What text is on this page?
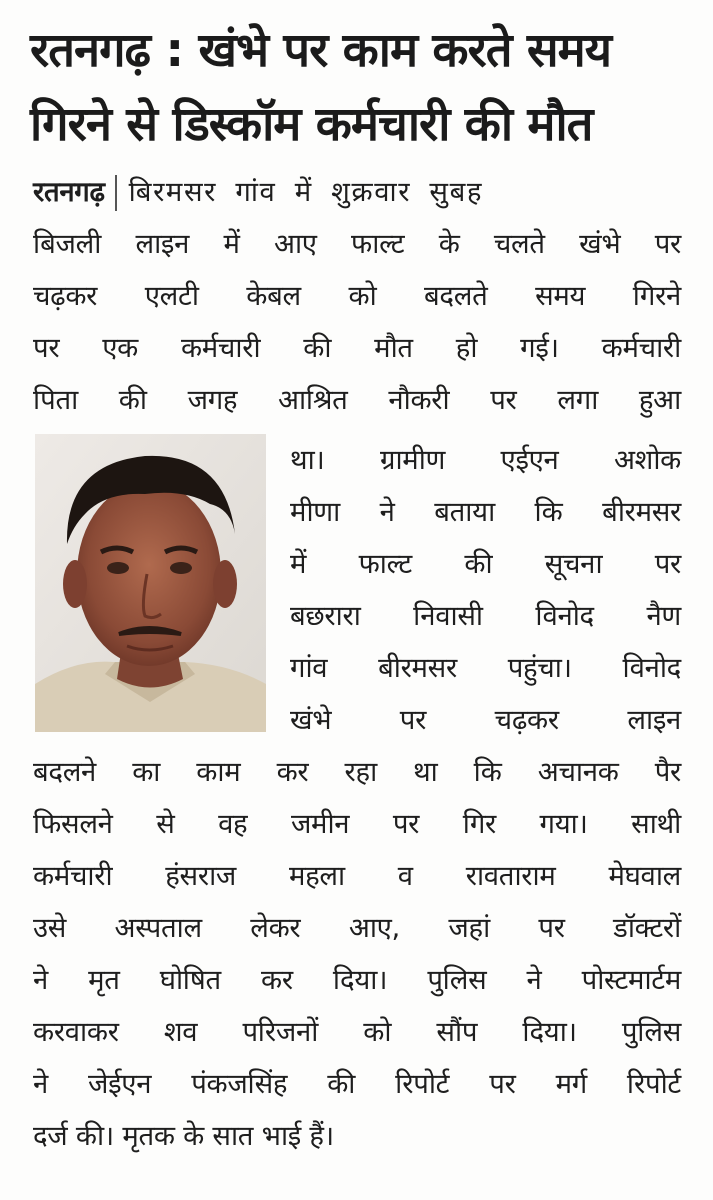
रतनगढ़ : खंभे पर काम करते समय
गिरने से डिस्कॉम कर्मचारी की मौत
रतनगढ़ बिरमसर गांव में शुक्रवार सुबह
बिजली लाइन में आए फाल्ट के चलते खंभे पर
चढ़कर एलटी केबल को बदलते समय गिरने
पर एक कर्मचारी की मौत हो गई। कर्मचारी
पिता की जगह आश्रित नौकरी पर लगा हुआ
था। ग्रामीण एईएन अशोक
मीणा ने बताया कि बीरमसर
में फाल्ट की सूचना पर
बछरारा निवासी विनोद नैण
गांव बीरमसर पहुंचा। विनोद
खंभे पर चढ़कर लाइन
बदलने का काम कर रहा था कि अचानक पैर
फिसलने से वह जमीन पर गिर गया। साथी
कर्मचारी हंसराज महला व रावताराम मेघवाल
उसे अस्पताल लेकर आए, जहां पर डॉक्टरों
ने मृत घोषित कर दिया। पुलिस ने पोस्टमार्टम
करवाकर शव परिजनों को सौंप दिया। पुलिस
ने जेईएन पंकजसिंह की रिपोर्ट पर मर्ग रिपोर्ट
दर्ज की। मृतक के सात भाई हैं।
